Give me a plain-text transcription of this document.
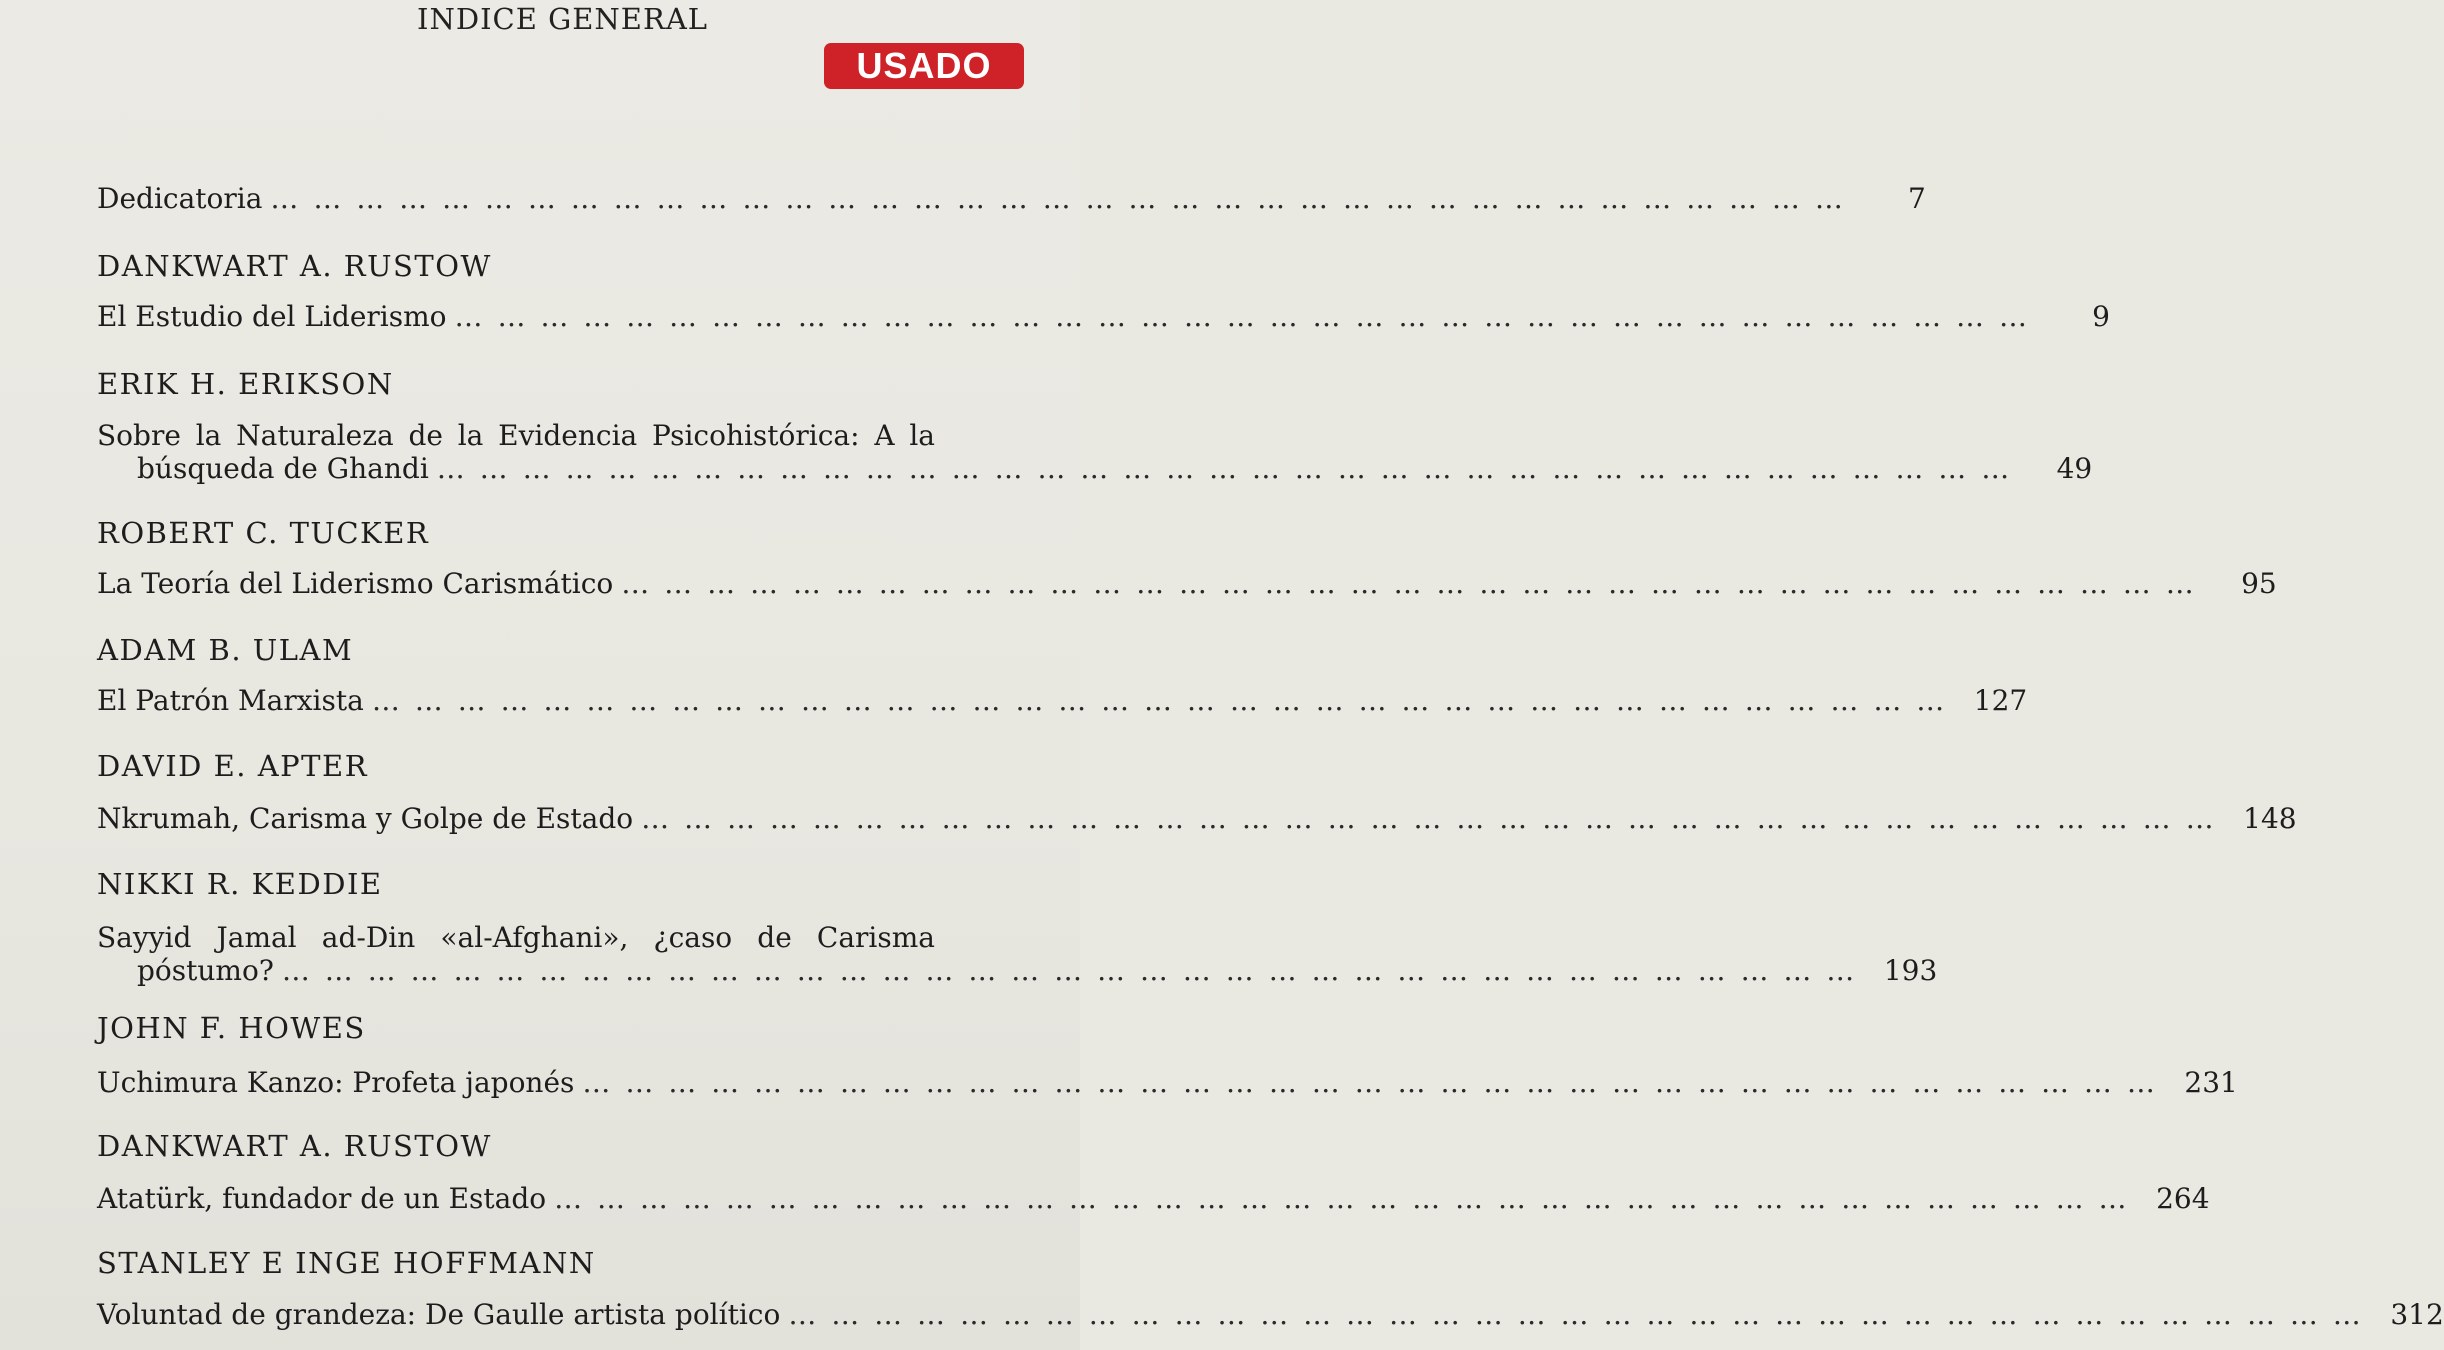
INDICE GENERAL
USADO
Dedicatoria … … … … … … … … … … … … … … … … … … … … … … … … … … … … … … … … … … … … …	7
DANKWART A. RUSTOW
El Estudio del Liderismo … … … … … … … … … … … … … … … … … … … … … … … … … … … … … … … … … … … … …	9
ERIK H. ERIKSON
Sobre la Naturaleza de la Evidencia Psicohistórica: A la
búsqueda de Ghandi … … … … … … … … … … … … … … … … … … … … … … … … … … … … … … … … … … … … …	49
ROBERT C. TUCKER
La Teoría del Liderismo Carismático … … … … … … … … … … … … … … … … … … … … … … … … … … … … … … … … … … … … …	95
ADAM B. ULAM
El Patrón Marxista … … … … … … … … … … … … … … … … … … … … … … … … … … … … … … … … … … … … … 127
DAVID E. APTER
Nkrumah, Carisma y Golpe de Estado … … … … … … … … … … … … … … … … … … … … … … … … … … … … … … … … … … … … … 148
NIKKI R. KEDDIE
Sayyid Jamal ad-Din «al-Afghani», ¿caso de Carisma
póstumo? … … … … … … … … … … … … … … … … … … … … … … … … … … … … … … … … … … … … … 193
JOHN F. HOWES
Uchimura Kanzo: Profeta japonés … … … … … … … … … … … … … … … … … … … … … … … … … … … … … … … … … … … … … 231
DANKWART A. RUSTOW
Atatürk, fundador de un Estado … … … … … … … … … … … … … … … … … … … … … … … … … … … … … … … … … … … … … 264
STANLEY E INGE HOFFMANN
Voluntad de grandeza: De Gaulle artista político … … … … … … … … … … … … … … … … … … … … … … … … … … … … … … … … … … … … … 312
